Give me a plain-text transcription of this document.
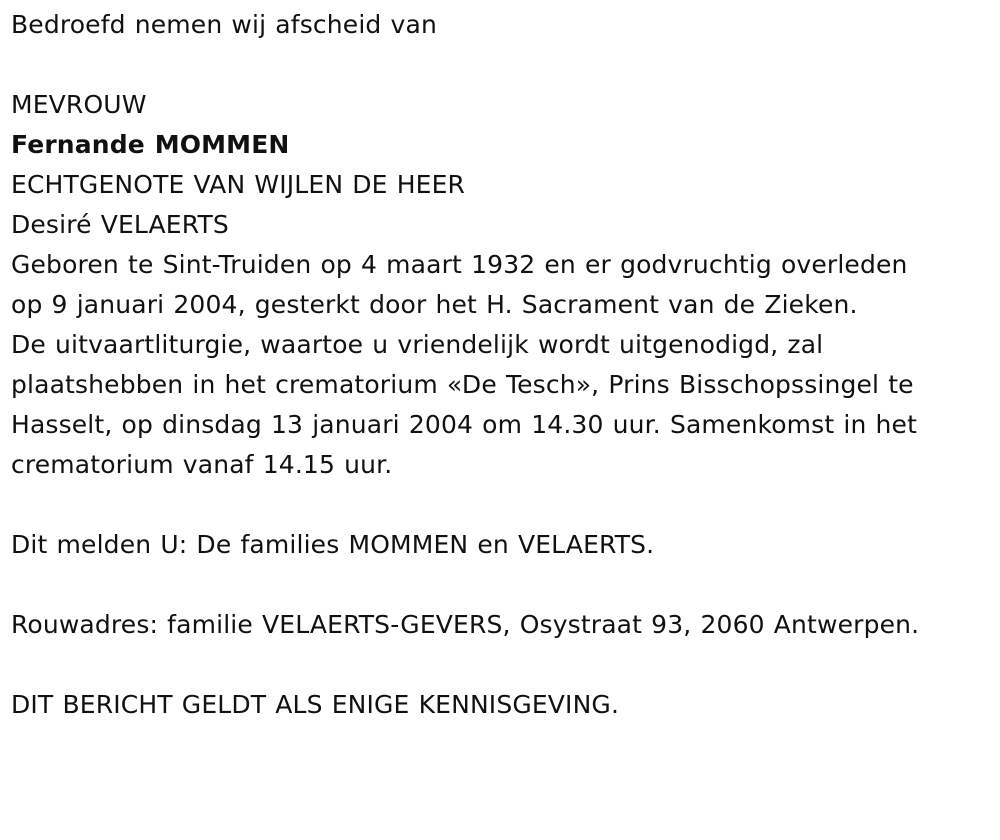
Bedroefd nemen wij afscheid van

MEVROUW

Fernande MOMMEN

ECHTGENOTE VAN WIJLEN DE HEER

Desiré VELAERTS

Geboren te Sint-Truiden op 4 maart 1932 en er godvruchtig overleden

op 9 januari 2004, gesterkt door het H. Sacrament van de Zieken.

De uitvaartliturgie, waartoe u vriendelijk wordt uitgenodigd, zal

plaatshebben in het crematorium «De Tesch», Prins Bisschopssingel te

Hasselt, op dinsdag 13 januari 2004 om 14.30 uur. Samenkomst in het

crematorium vanaf 14.15 uur.

Dit melden U: De families MOMMEN en VELAERTS.

Rouwadres: familie VELAERTS-GEVERS, Osystraat 93, 2060 Antwerpen.

DIT BERICHT GELDT ALS ENIGE KENNISGEVING.
